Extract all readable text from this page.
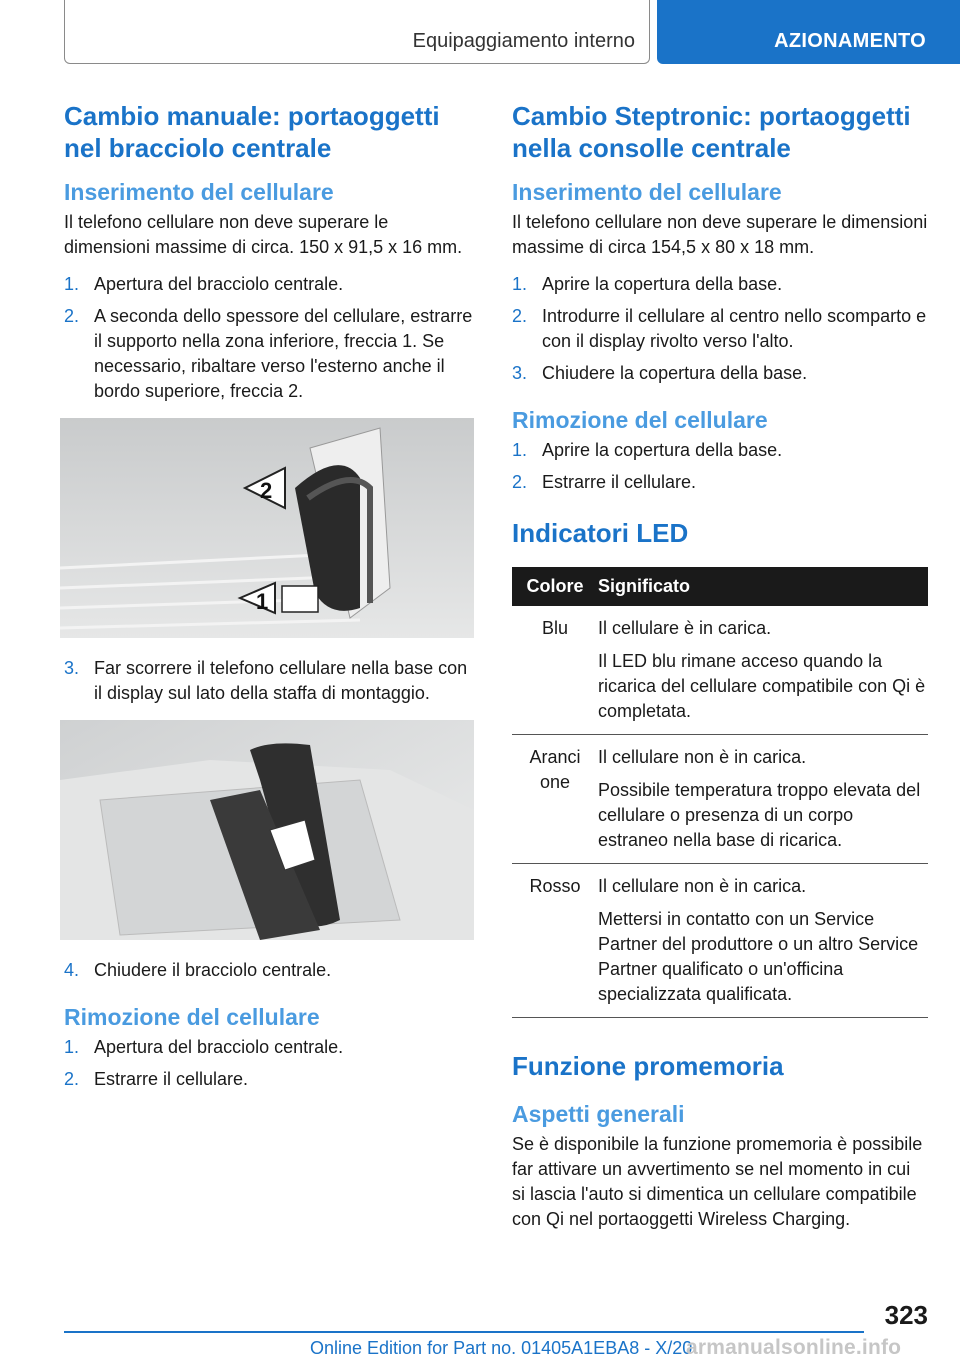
Equipaggiamento interno	AZIONAMENTO
Cambio manuale: portaoggetti nel bracciolo centrale
Inserimento del cellulare

Il telefono cellulare non deve superare le dimensioni massime di circa. 150 x 91,5 x 16 mm.

1. Apertura del bracciolo centrale.
2. A seconda dello spessore del cellulare, estrarre il supporto nella zona inferiore, freccia 1. Se necessario, ribaltare verso l'esterno anche il bordo superiore, freccia 2.
2
1
3. Far scorrere il telefono cellulare nella base con il display sul lato della staffa di montaggio.
4. Chiudere il bracciolo centrale.
Rimozione del cellulare
1. Apertura del bracciolo centrale.
2. Estrarre il cellulare.
Cambio Steptronic: portaoggetti nella consolle centrale
Inserimento del cellulare

Il telefono cellulare non deve superare le dimensioni massime di circa 154,5 x 80 x 18 mm.

1. Aprire la copertura della base.
2. Introdurre il cellulare al centro nello scomparto e con il display rivolto verso l'alto.
3. Chiudere la copertura della base.
Rimozione del cellulare
1. Aprire la copertura della base.
2. Estrarre il cellulare.
Indicatori LED
Colore	Significato
Blu	Il cellulare è in carica.
Il LED blu rimane acceso quando la ricarica del cellulare compatibile con Qi è completata.

Arancione	Il cellulare non è in carica.
Possibile temperatura troppo elevata del cellulare o presenza di un corpo estraneo nella base di ricarica.

Rosso	Il cellulare non è in carica.
Mettersi in contatto con un Service Partner del produttore o un altro Service Partner qualificato o un'officina specializzata qualificata.
Funzione promemoria
Aspetti generali

Se è disponibile la funzione promemoria è possibile far attivare un avvertimento se nel momento in cui si lascia l'auto si dimentica un cellulare compatibile con Qi nel portaoggetti Wireless Charging.

323
Online Edition for Part no. 01405A1EBA8 - X/20
armanualsonline.info
